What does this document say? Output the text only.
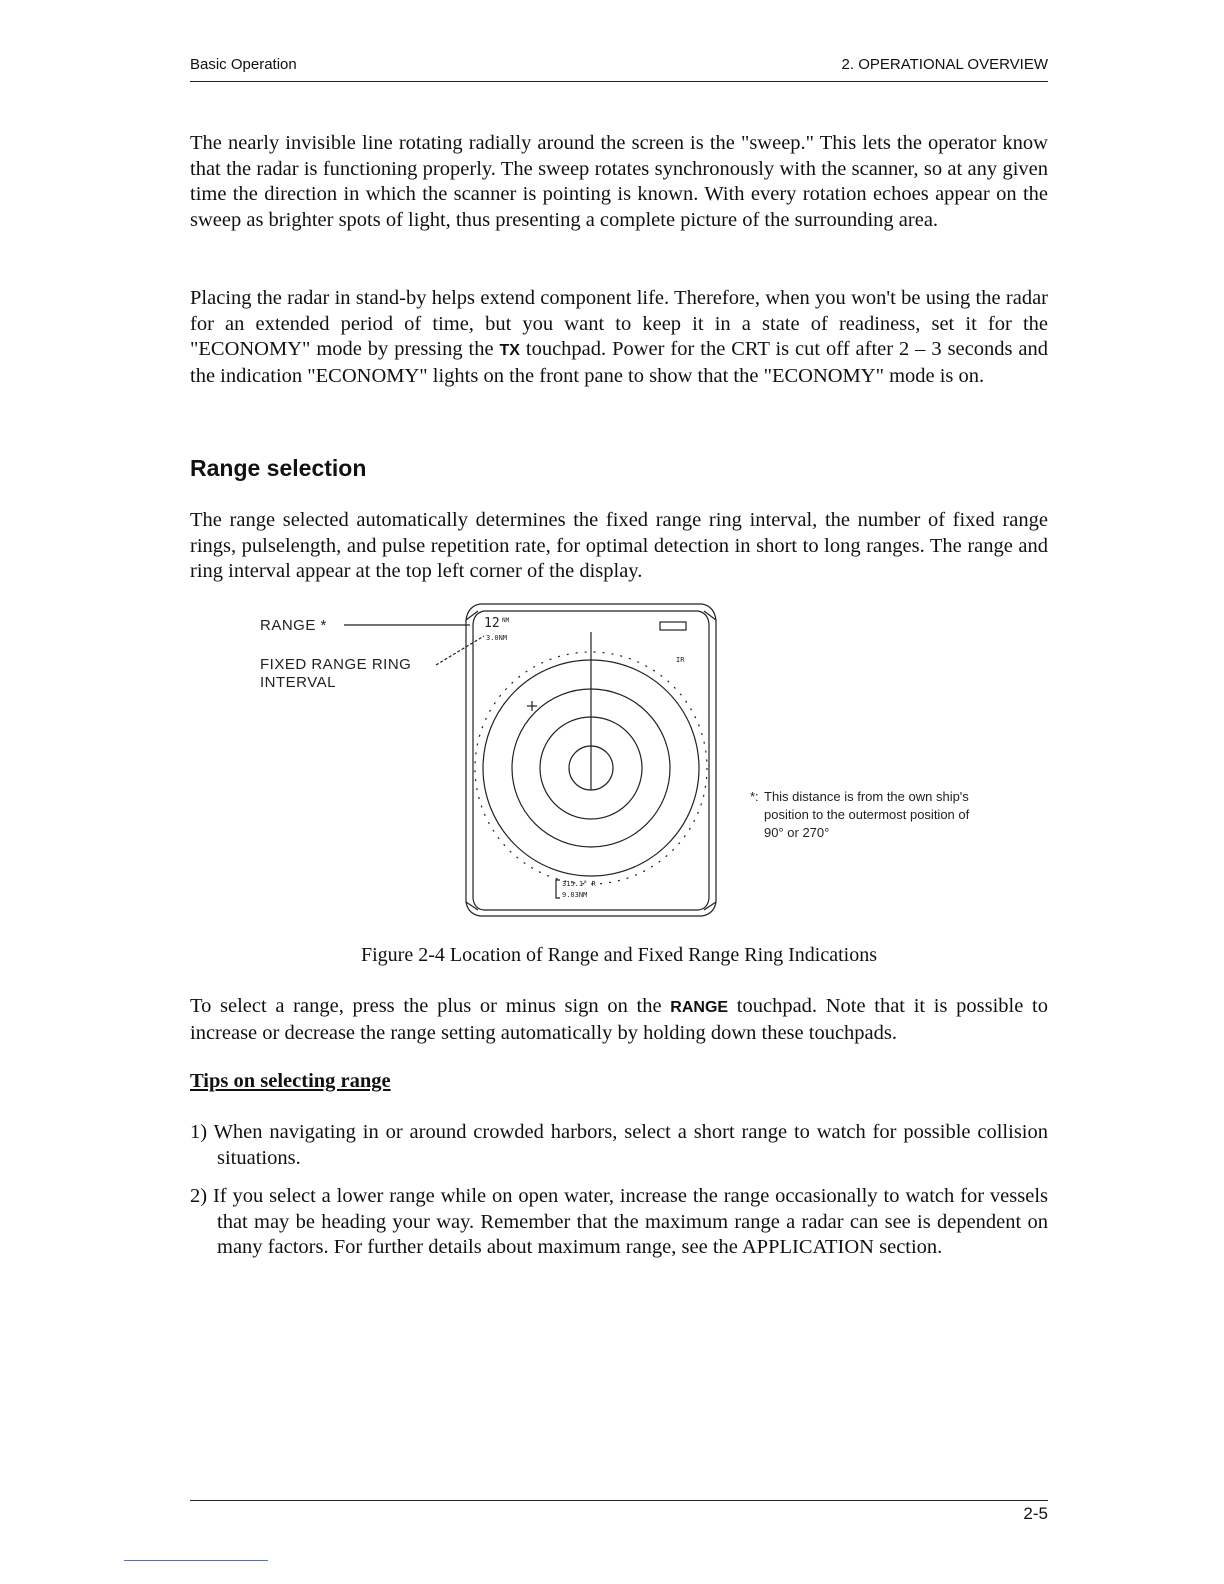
Basic Operation	2. OPERATIONAL OVERVIEW

The nearly invisible line rotating radially around the screen is the "sweep." This lets the operator know that the radar is functioning properly. The sweep rotates synchronously with the scanner, so at any given time the direction in which the scanner is pointing is known. With every rotation echoes appear on the sweep as brighter spots of light, thus presenting a complete picture of the surrounding area.

Placing the radar in stand-by helps extend component life. Therefore, when you won't be using the radar for an extended period of time, but you want to keep it in a state of readiness, set it for the "ECONOMY" mode by pressing the TX touchpad. Power for the CRT is cut off after 2 – 3 seconds and the indication "ECONOMY" lights on the front pane to show that the "ECONOMY" mode is on.

Range selection

The range selected automatically determines the fixed range ring interval, the number of fixed range rings, pulselength, and pulse repetition rate, for optimal detection in short to long ranges. The range and ring interval appear at the top left corner of the display.

RANGE *

FIXED RANGE RING
INTERVAL
12 NM
3.0NM
IR
315.1° R
9.03NM
*: This distance is from the own ship's position to the outermost position of 90° or 270°
Figure 2-4 Location of Range and Fixed Range Ring Indications

To select a range, press the plus or minus sign on the RANGE touchpad. Note that it is possible to increase or decrease the range setting automatically by holding down these touchpads.

Tips on selecting range

1) When navigating in or around crowded harbors, select a short range to watch for possible collision situations.

2) If you select a lower range while on open water, increase the range occasionally to watch for vessels that may be heading your way. Remember that the maximum range a radar can see is dependent on many factors. For further details about maximum range, see the APPLICATION section.

2-5
